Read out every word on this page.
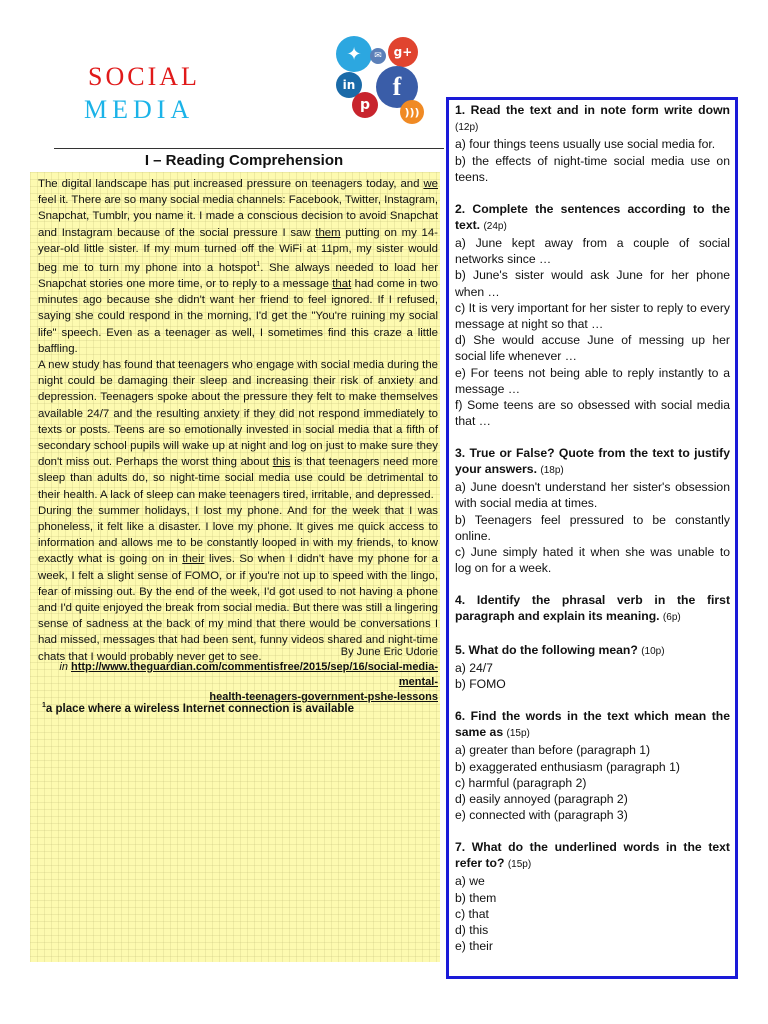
SOCIAL
MEDIA
✦	✉ g+
in	f
p	)))
I – Reading Comprehension

The digital landscape has put increased pressure on teenagers today, and we feel it. There are so many social media channels: Facebook, Twitter, Instagram, Snapchat, Tumblr, you name it. I made a conscious decision to avoid Snapchat and Instagram because of the social pressure I saw them putting on my 14-year-old little sister. If my mum turned off the WiFi at 11pm, my sister would beg me to turn my phone into a hotspot$^1$. She always needed to load her Snapchat stories one more time, or to reply to a message that had come in two minutes ago because she didn't want her friend to feel ignored. If I refused, saying she could respond in the morning, I'd get the "You're ruining my social life" speech. Even as a teenager as well, I sometimes find this craze a little baffling.

A new study has found that teenagers who engage with social media during the night could be damaging their sleep and increasing their risk of anxiety and depression. Teenagers spoke about the pressure they felt to make themselves available 24/7 and the resulting anxiety if they did not respond immediately to texts or posts. Teens are so emotionally invested in social media that a fifth of secondary school pupils will wake up at night and log on just to make sure they don't miss out. Perhaps the worst thing about this is that teenagers need more sleep than adults do, so night-time social media use could be detrimental to their health. A lack of sleep can make teenagers tired, irritable, and depressed.

During the summer holidays, I lost my phone. And for the week that I was phoneless, it felt like a disaster. I love my phone. It gives me quick access to information and allows me to be constantly looped in with my friends, to know exactly what is going on in their lives. So when I didn't have my phone for a week, I felt a slight sense of FOMO, or if you're not up to speed with the lingo, fear of missing out. By the end of the week, I'd got used to not having a phone and I'd quite enjoyed the break from social media. But there was still a lingering sense of sadness at the back of my mind that there would be conversations I had missed, messages that had been sent, funny videos shared and night-time chats that I would probably never get to see.	By June Eric Udorie
in http://www.theguardian.com/commentisfree/2015/sep/16/social-media-mental-
health-teenagers-government-pshe-lessons
$^1$a place where a wireless Internet connection is available
1. Read the text and in note form write down (12p)
a) four things teens usually use social media for.
b) the effects of night-time social media use on teens.
2. Complete the sentences according to the text. (24p)
a) June kept away from a couple of social networks since …
b) June's sister would ask June for her phone when …
c) It is very important for her sister to reply to every message at night so that …
d) She would accuse June of messing up her social life whenever …
e) For teens not being able to reply instantly to a message …
f) Some teens are so obsessed with social media that …
3. True or False? Quote from the text to justify your answers. (18p)
a) June doesn't understand her sister's obsession with social media at times.
b) Teenagers feel pressured to be constantly online.
c) June simply hated it when she was unable to log on for a week.
4. Identify the phrasal verb in the first paragraph and explain its meaning. (6p)
5. What do the following mean? (10p)
a) 24/7
b) FOMO
6. Find the words in the text which mean the same as (15p)
a) greater than before (paragraph 1)
b) exaggerated enthusiasm (paragraph 1)
c) harmful (paragraph 2)
d) easily annoyed (paragraph 2)
e) connected with (paragraph 3)
7. What do the underlined words in the text refer to? (15p)
a) we
b) them
c) that
d) this
e) their
